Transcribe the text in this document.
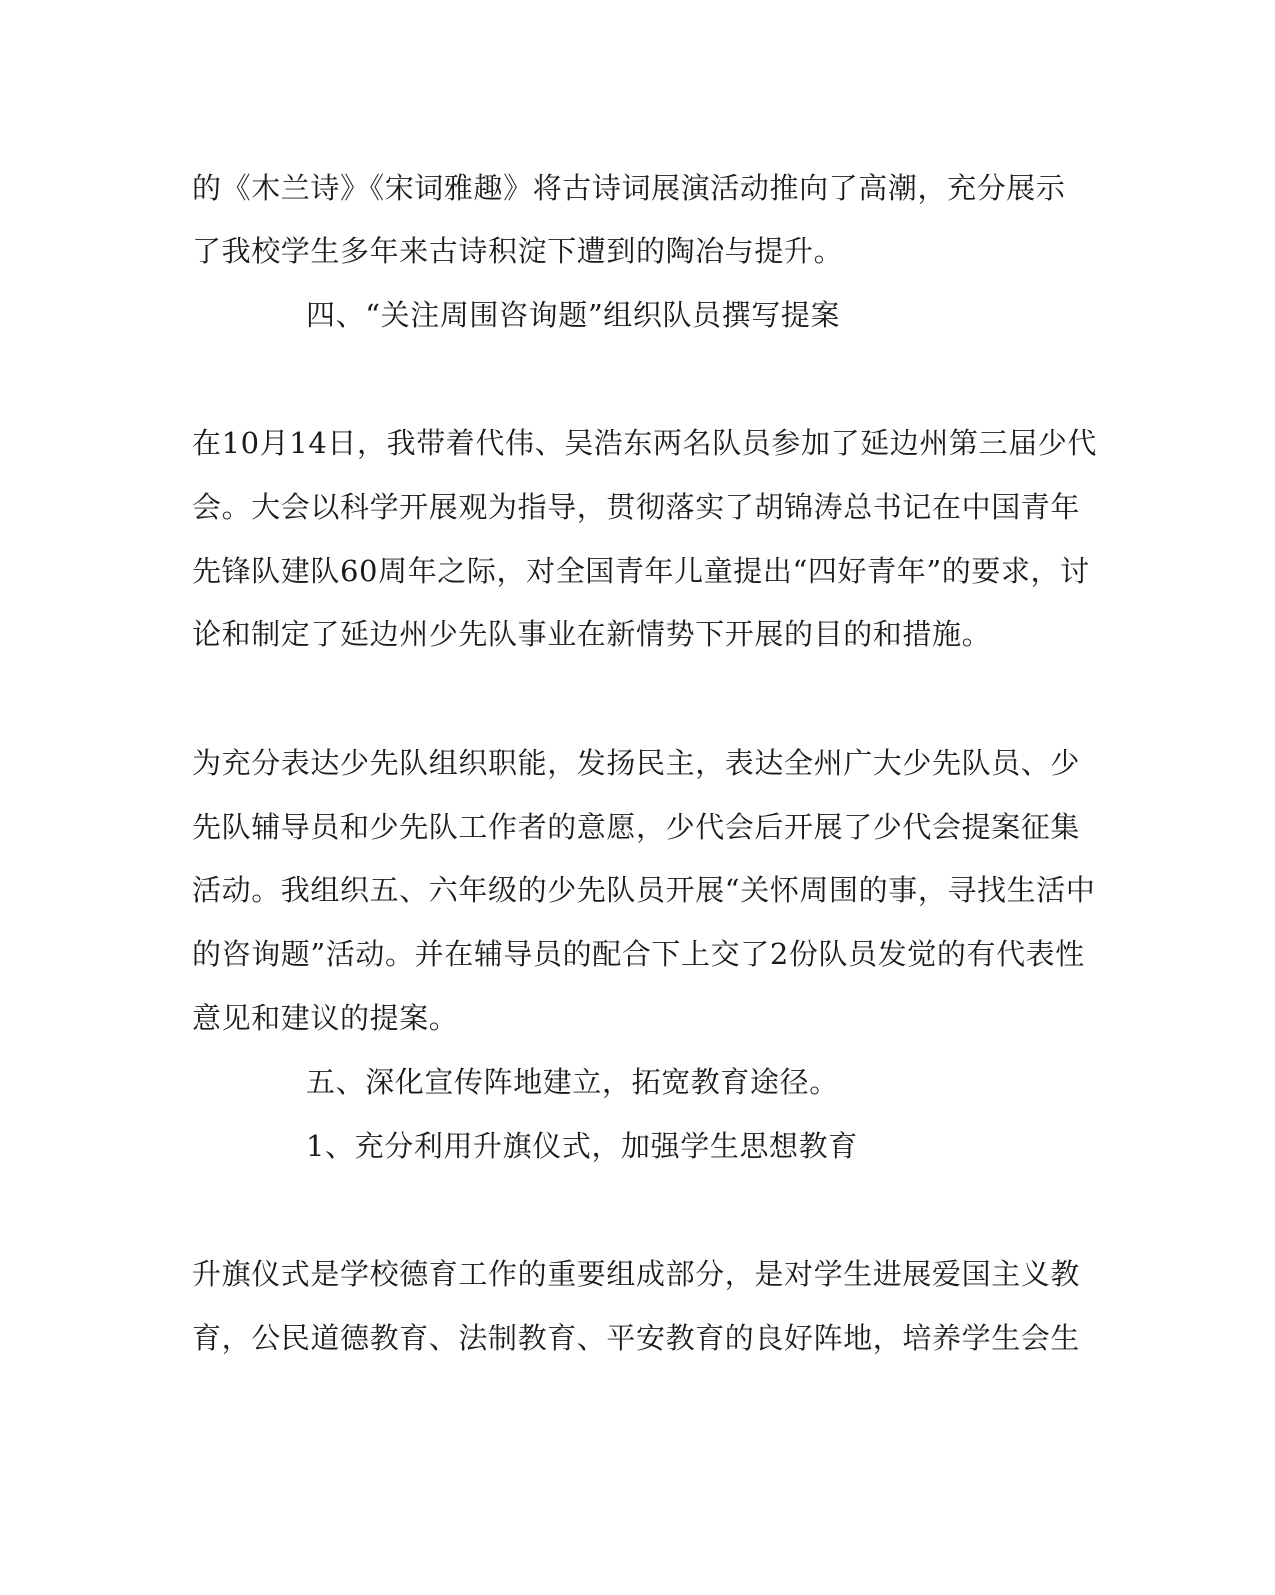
的《木兰诗》《宋词雅趣》将古诗词展演活动推向了高潮，充分展示
了我校学生多年来古诗积淀下遭到的陶冶与提升。
四、“关注周围咨询题”组织队员撰写提案
在10月14日，我带着代伟、吴浩东两名队员参加了延边州第三届少代
会。大会以科学开展观为指导，贯彻落实了胡锦涛总书记在中国青年
先锋队建队60周年之际，对全国青年儿童提出“四好青年”的要求，讨
论和制定了延边州少先队事业在新情势下开展的目的和措施。
为充分表达少先队组织职能，发扬民主，表达全州广大少先队员、少
先队辅导员和少先队工作者的意愿，少代会后开展了少代会提案征集
活动。我组织五、六年级的少先队员开展“关怀周围的事，寻找生活中
的咨询题”活动。并在辅导员的配合下上交了2份队员发觉的有代表性
意见和建议的提案。
五、深化宣传阵地建立，拓宽教育途径。
1、充分利用升旗仪式，加强学生思想教育
升旗仪式是学校德育工作的重要组成部分，是对学生进展爱国主义教
育，公民道德教育、法制教育、平安教育的良好阵地，培养学生会生
